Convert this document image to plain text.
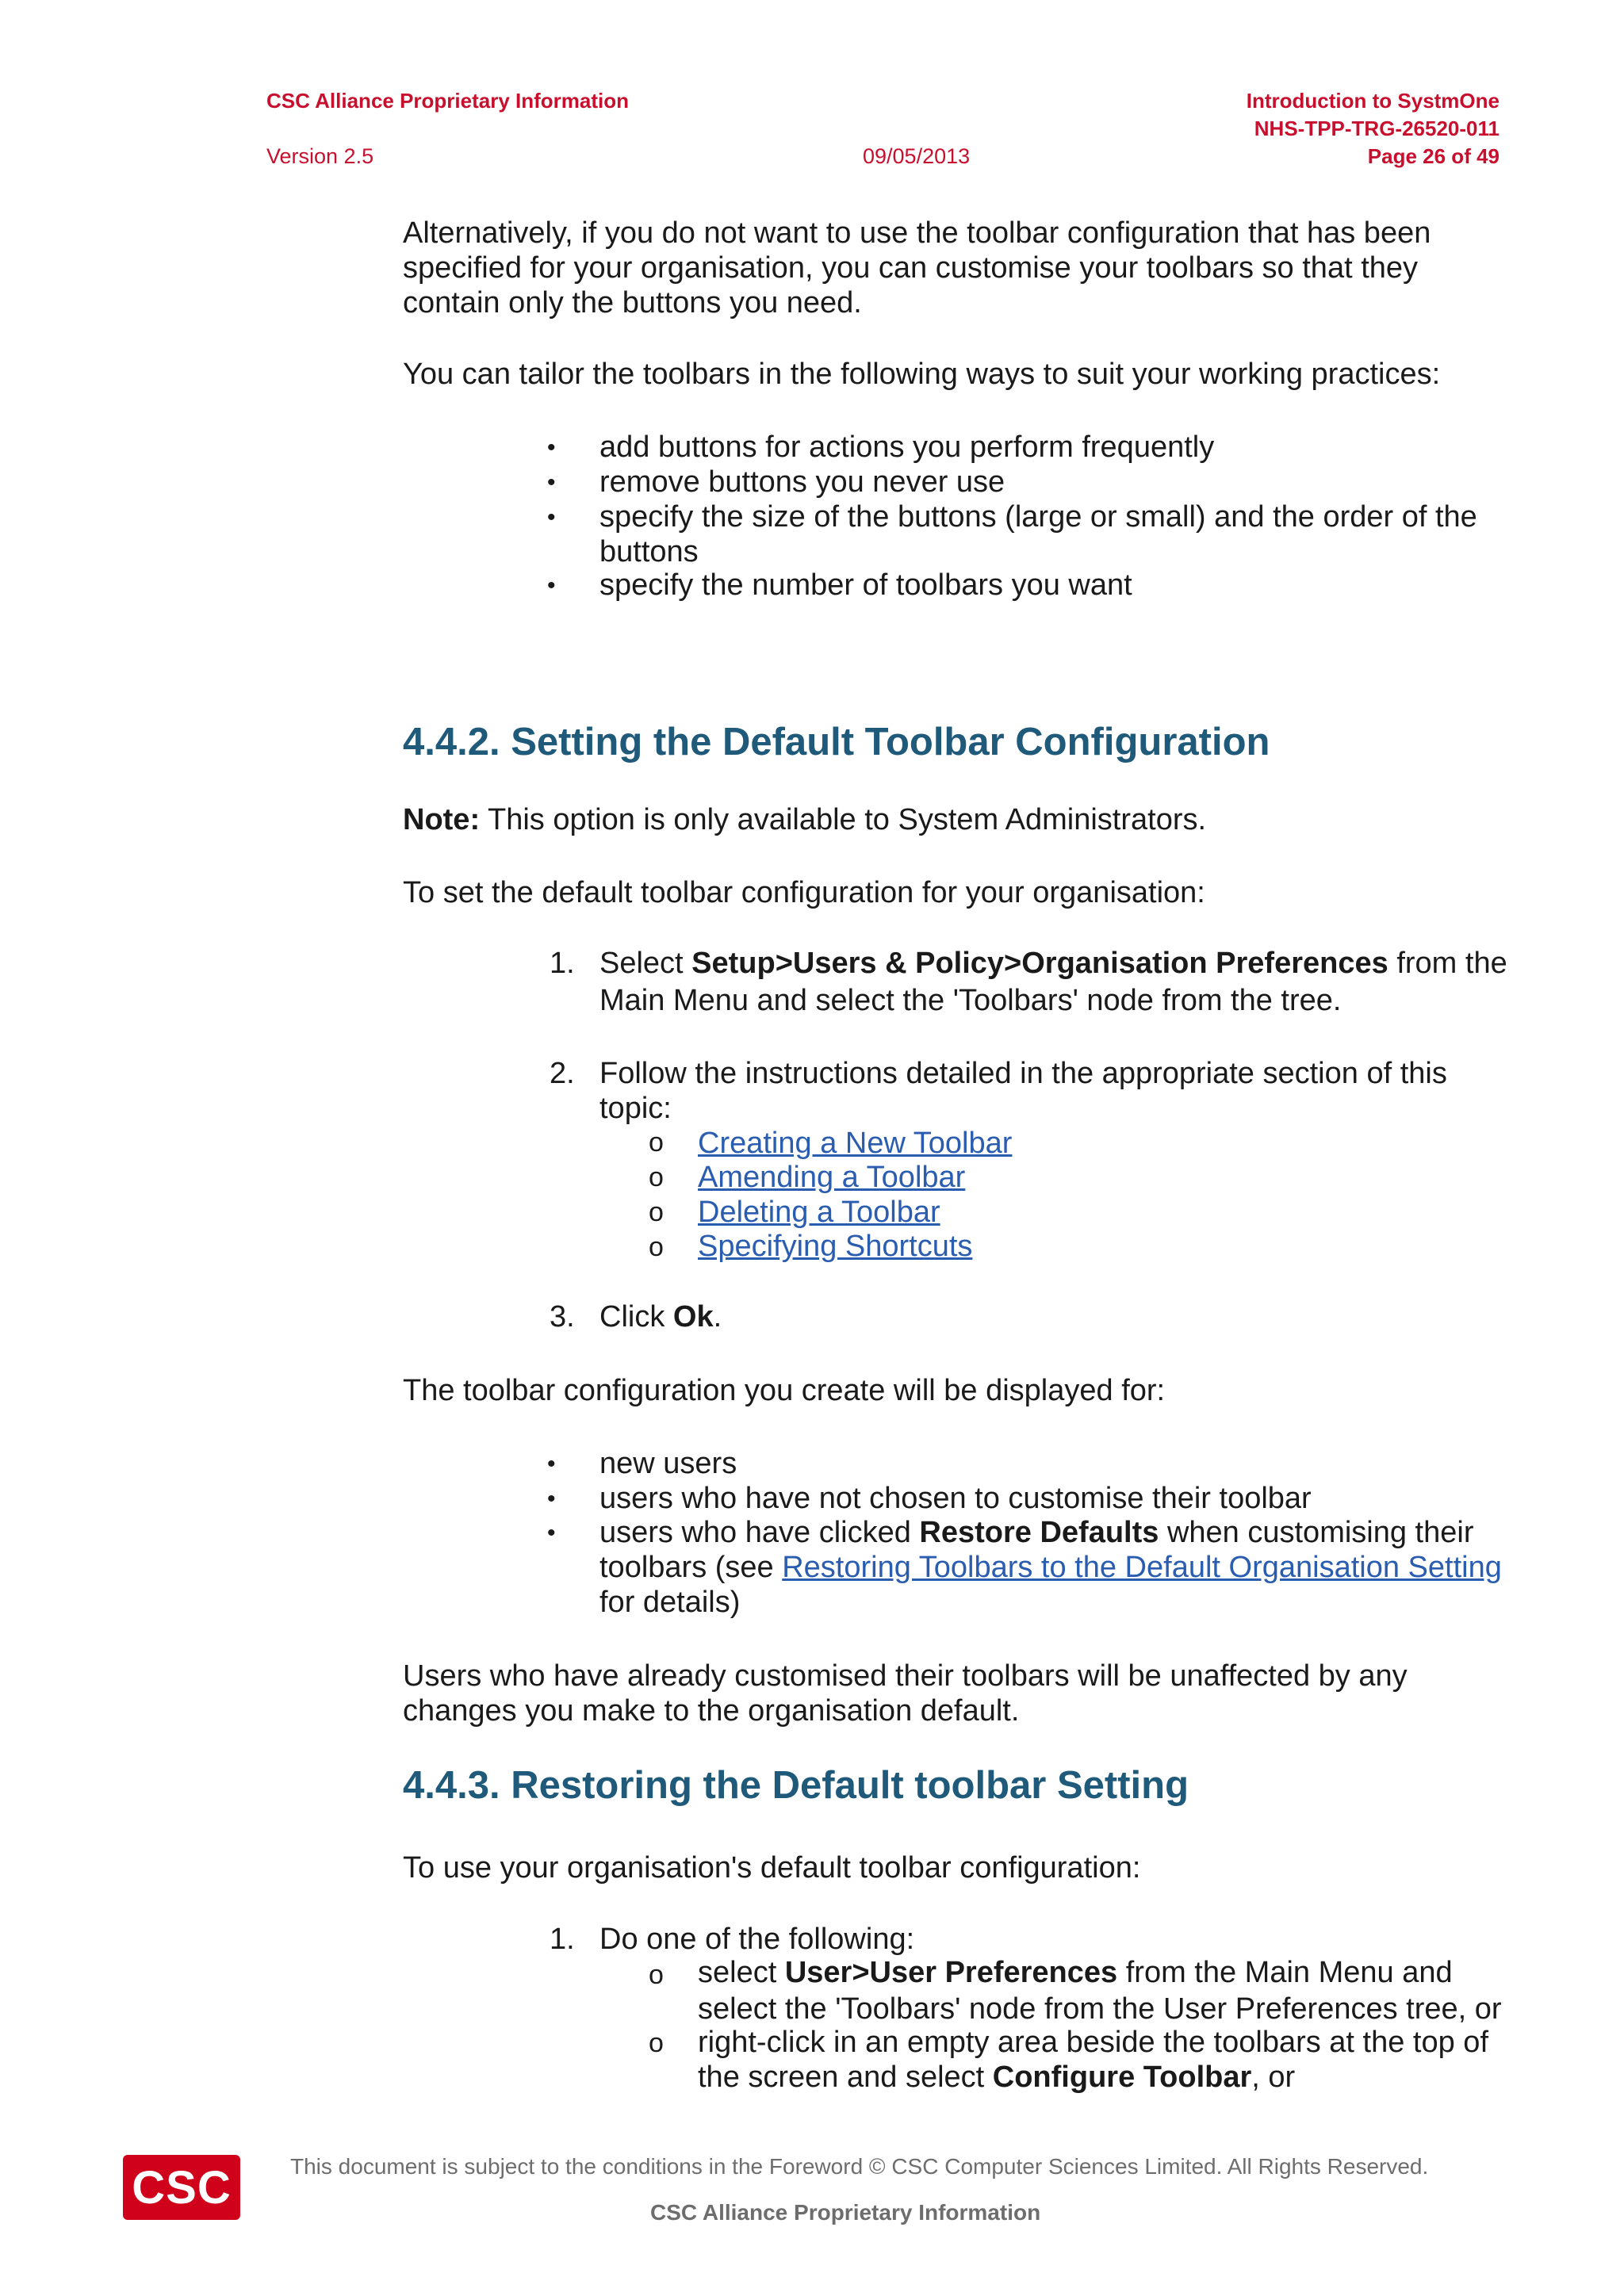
CSC Alliance Proprietary Information
Version 2.5	09/05/2013
Introduction to SystmOne
NHS-TPP-TRG-26520-011
Page 26 of 49

Alternatively, if you do not want to use the toolbar configuration that has been

specified for your organisation, you can customise your toolbars so that they

contain only the buttons you need.

You can tailor the toolbars in the following ways to suit your working practices:
• add buttons for actions you perform frequently
• remove buttons you never use
• specify the size of the buttons (large or small) and the order of the
buttons
• specify the number of toolbars you want
4.4.2. Setting the Default Toolbar Configuration
Note: This option is only available to System Administrators.
To set the default toolbar configuration for your organisation:
1. Select Setup>Users & Policy>Organisation Preferences from the
Main Menu and select the 'Toolbars' node from the tree.
2. Follow the instructions detailed in the appropriate section of this
topic:
o Creating a New Toolbar
o Amending a Toolbar
o Deleting a Toolbar
o Specifying Shortcuts
3. Click Ok.
The toolbar configuration you create will be displayed for:
• new users
• users who have not chosen to customise their toolbar
• users who have clicked Restore Defaults when customising their
toolbars (see Restoring Toolbars to the Default Organisation Setting
for details)

Users who have already customised their toolbars will be unaffected by any

changes you make to the organisation default.

4.4.3. Restoring the Default toolbar Setting
To use your organisation's default toolbar configuration:
1. Do one of the following:
o select User>User Preferences from the Main Menu and
select the 'Toolbars' node from the User Preferences tree, or
o right-click in an empty area beside the toolbars at the top of
the screen and select Configure Toolbar, or
CSC	This document is subject to the conditions in the Foreword © CSC Computer Sciences Limited. All Rights Reserved.
CSC Alliance Proprietary Information
